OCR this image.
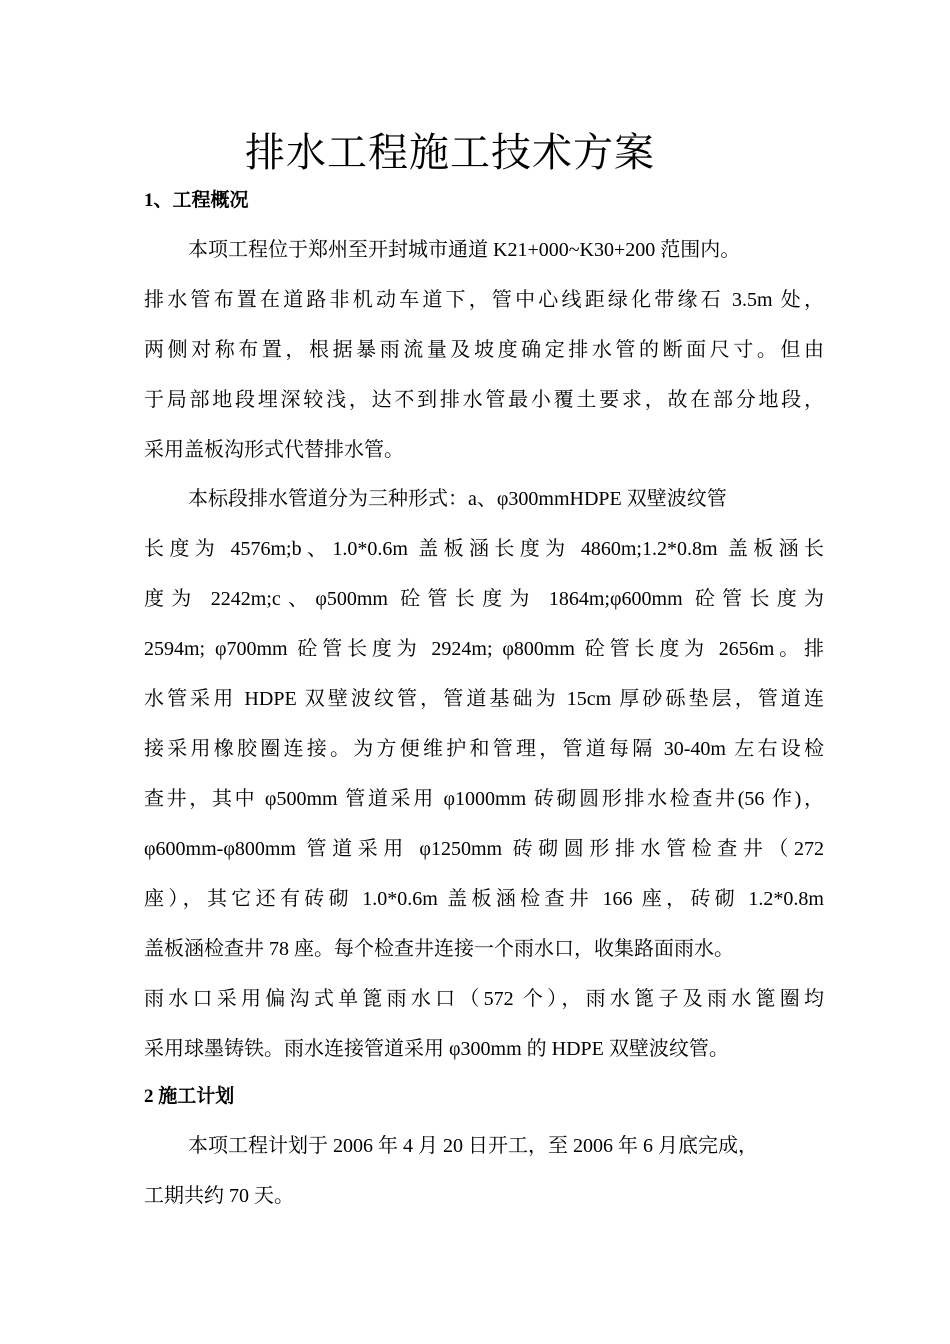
排水工程施工技术方案
1、工程概况

本项工程位于郑州至开封城市通道 K21+000~K30+200 范围内。
排水管布置在道路非机动车道下，管中心线距绿化带缘石 3.5m 处，
两侧对称布置，根据暴雨流量及坡度确定排水管的断面尺寸。但由
于局部地段埋深较浅，达不到排水管最小覆土要求，故在部分地段，
采用盖板沟形式代替排水管。

本标段排水管道分为三种形式：a、φ300mmHDPE 双壁波纹管
长度为 4576m;b、1.0*0.6m 盖板涵长度为 4860m;1.2*0.8m 盖板涵长
度为 2242m;c、φ500mm 砼管长度为 1864m;φ600mm 砼管长度为
2594m; φ700mm 砼管长度为 2924m; φ800mm 砼管长度为 2656m。排
水管采用 HDPE 双壁波纹管，管道基础为 15cm 厚砂砾垫层，管道连
接采用橡胶圈连接。为方便维护和管理，管道每隔 30-40m 左右设检
查井，其中 φ500mm 管道采用 φ1000mm 砖砌圆形排水检查井(56 作)，
φ600mm-φ800mm 管道采用 φ1250mm 砖砌圆形排水管检查井（272
座），其它还有砖砌 1.0*0.6m 盖板涵检查井 166 座，砖砌 1.2*0.8m
盖板涵检查井 78 座。每个检查井连接一个雨水口，收集路面雨水。
雨水口采用偏沟式单篦雨水口（572 个），雨水篦子及雨水篦圈均
采用球墨铸铁。雨水连接管道采用 φ300mm 的 HDPE 双壁波纹管。

2 施工计划

本项工程计划于 2006 年 4 月 20 日开工，至 2006 年 6 月底完成，
工期共约 70 天。
